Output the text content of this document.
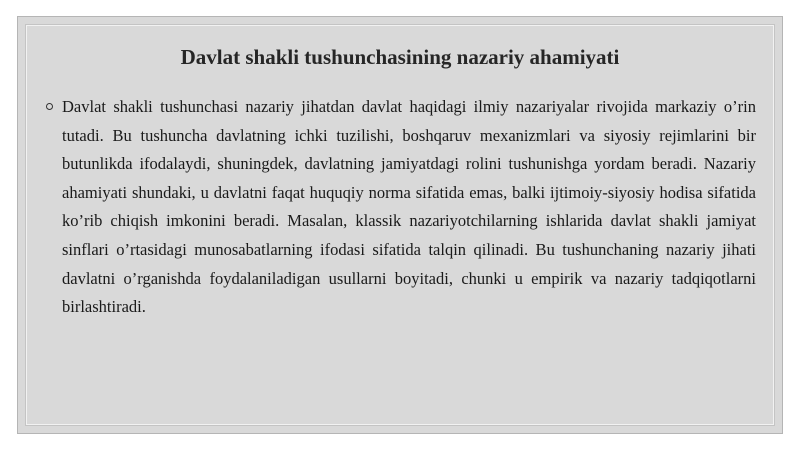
Davlat shakli tushunchasining nazariy ahamiyati

Davlat shakli tushunchasi nazariy jihatdan davlat haqidagi ilmiy nazariyalar rivojida markaziy o’rin tutadi. Bu tushuncha davlatning ichki tuzilishi, boshqaruv mexanizmlari va siyosiy rejimlarini bir butunlikda ifodalaydi, shuningdek, davlatning jamiyatdagi rolini tushunishga yordam beradi. Nazariy ahamiyati shundaki, u davlatni faqat huquqiy norma sifatida emas, balki ijtimoiy-siyosiy hodisa sifatida ko’rib chiqish imkonini beradi. Masalan, klassik nazariyotchilarning ishlarida davlat shakli jamiyat sinflari o’rtasidagi munosabatlarning ifodasi sifatida talqin qilinadi. Bu tushunchaning nazariy jihati davlatni o’rganishda foydalaniladigan usullarni boyitadi, chunki u empirik va nazariy tadqiqotlarni birlashtiradi.
